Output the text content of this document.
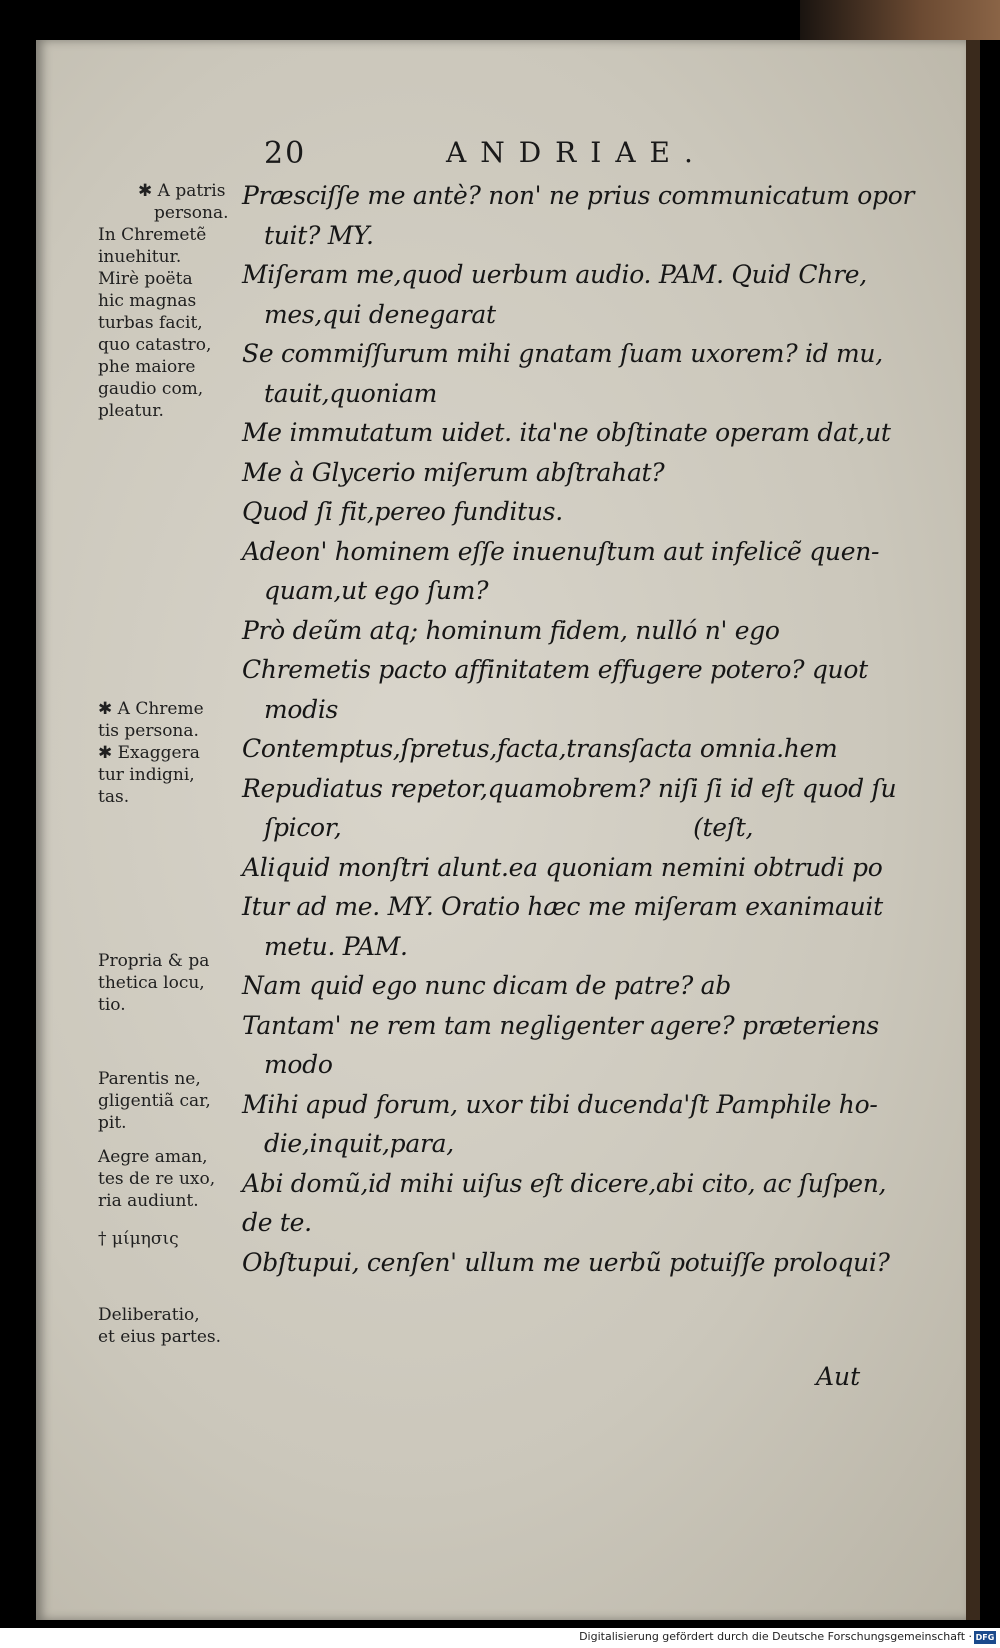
20	ANDRIAE.
✱ A patris
persona.
In Chremetẽ
inuehitur.
Mirè poëta
hic magnas
turbas facit,
quo catastro,
phe maiore
gaudio com,
pleatur.
✱ A Chreme
tis persona.
✱ Exaggera
tur indigni,
tas.
Propria & pa
thetica locu,
tio.
Parentis ne,
gligentiã car,
pit.
Aegre aman,
tes de re uxo,
ria audiunt.
† μίμησις
Deliberatio,
et eius partes.
Præsciſſe me antè? non' ne prius communicatum opor
tuit? MY.
Miſeram me,quod uerbum audio. PAM. Quid Chre,
mes,qui denegarat
Se commiſſurum mihi gnatam ſuam uxorem? id mu,
tauit,quoniam
Me immutatum uidet. ita'ne obſtinate operam dat,ut
Me à Glycerio miſerum abſtrahat?
Quod ſi fit,pereo funditus.
Adeon' hominem eſſe inuenuſtum aut infelicẽ quen-
quam,ut ego ſum?
Prò deũm atq; hominum fidem, nulló n' ego
Chremetis pacto affinitatem effugere potero? quot
modis
Contemptus,ſpretus,facta,transſacta omnia.hem
Repudiatus repetor,quamobrem? niſi ſi id eſt quod ſu
ſpicor,                                              (teſt,
Aliquid monſtri alunt.ea quoniam nemini obtrudi po
Itur ad me. MY. Oratio hæc me miſeram exanimauit
metu. PAM.
Nam quid ego nunc dicam de patre? ab
Tantam' ne rem tam negligenter agere? præteriens
modo
Mihi apud forum, uxor tibi ducenda'ſt Pamphile ho-
die,inquit,para,
Abi domũ,id mihi uiſus eſt dicere,abi cito, ac ſuſpen,
de te.
Obſtupui, cenſen' ullum me uerbũ potuiſſe proloqui?
Aut
Digitalisierung gefördert durch die Deutsche Forschungsgemeinschaft · DFG
